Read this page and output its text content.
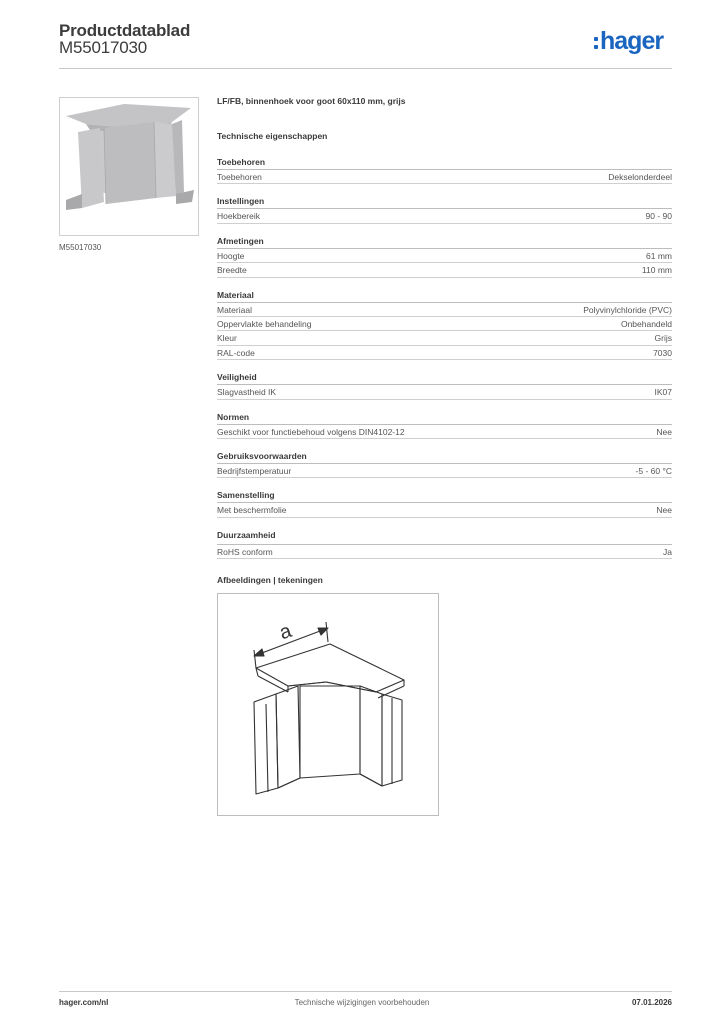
Productdatablad
M55017030	hager
M55017030
LF/FB, binnenhoek voor goot 60x110 mm, grijs
Technische eigenschappen
Toebehoren
Toebehoren	Dekselonderdeel
Instellingen
Hoekbereik	90 - 90
Afmetingen
Hoogte	61 mm
Breedte	110 mm
Materiaal
Materiaal	Polyvinylchloride (PVC)
Oppervlakte behandeling	Onbehandeld
Kleur	Grijs
RAL-code	7030
Veiligheid
Slagvastheid IK	IK07
Normen
Geschikt voor functiebehoud volgens DIN4102-12	Nee
Gebruiksvoorwaarden
Bedrijfstemperatuur	-5 - 60 °C
Samenstelling
Met beschermfolie	Nee
Duurzaamheid
RoHS conform	Ja
Afbeeldingen | tekeningen
a
hager.com/nl	Technische wijzigingen voorbehouden	07.01.2026
